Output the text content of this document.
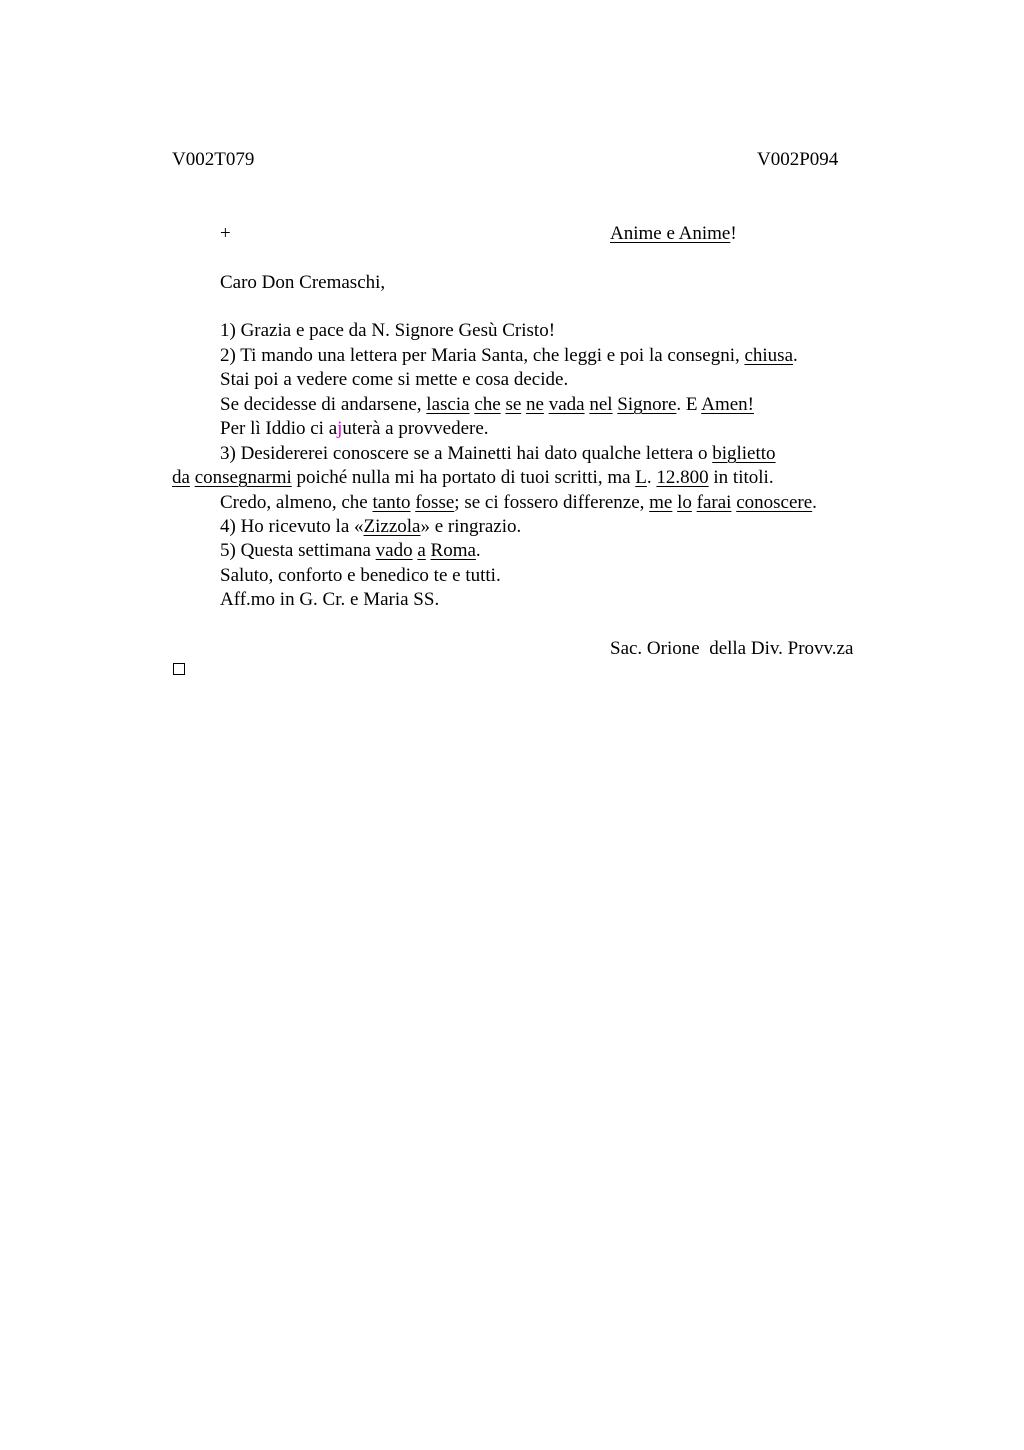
V002T079	V002P094
+	Anime e Anime!
Caro Don Cremaschi,
1) Grazia e pace da N. Signore Gesù Cristo!
2) Ti mando una lettera per Maria Santa, che leggi e poi la consegni, chiusa.
Stai poi a vedere come si mette e cosa decide.
Se decidesse di andarsene, lascia che se ne vada nel Signore. E Amen!
Per lì Iddio ci ajuterà a provvedere.
3) Desidererei conoscere se a Mainetti hai dato qualche lettera o biglietto
da consegnarmi poiché nulla mi ha portato di tuoi scritti, ma L. 12.800 in titoli.
Credo, almeno, che tanto fosse; se ci fossero differenze, me lo farai conoscere.
4) Ho ricevuto la «Zizzola» e ringrazio.
5) Questa settimana vado a Roma.
Saluto, conforto e benedico te e tutti.
Aff.mo in G. Cr. e Maria SS.
Sac. Orione  della Div. Provv.za
